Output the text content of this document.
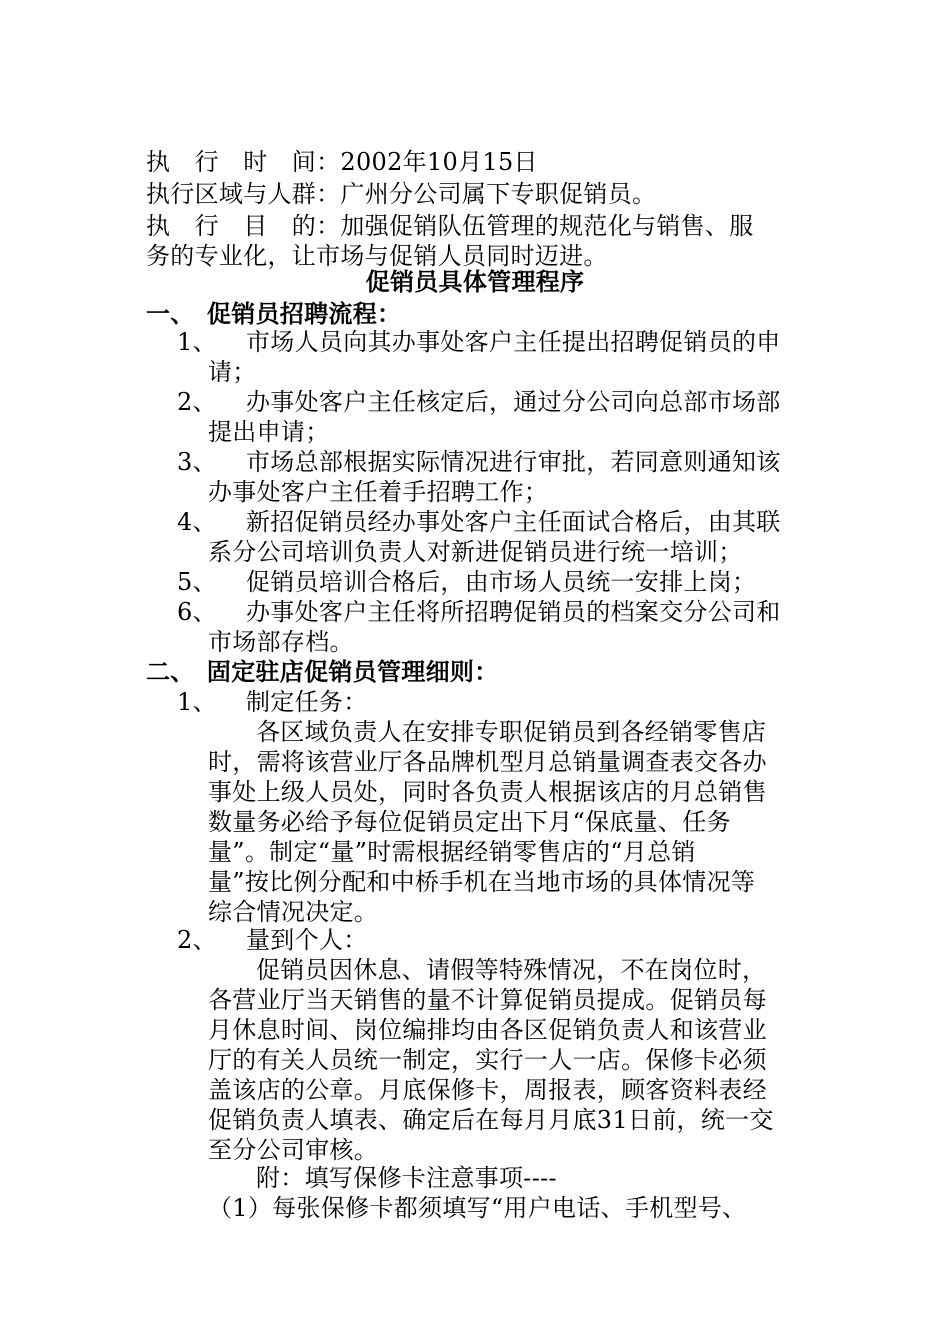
执　行　时　间：2002年10月15日
执行区域与人群：广州分公司属下专职促销员。
执　行　目　的：加强促销队伍管理的规范化与销售、服
务的专业化，让市场与促销人员同时迈进。
促销员具体管理程序
一、　促销员招聘流程：
1、 市场人员向其办事处客户主任提出招聘促销员的申
请；
2、 办事处客户主任核定后，通过分公司向总部市场部
提出申请；
3、 市场总部根据实际情况进行审批，若同意则通知该
办事处客户主任着手招聘工作；
4、 新招促销员经办事处客户主任面试合格后，由其联
系分公司培训负责人对新进促销员进行统一培训；
5、 促销员培训合格后，由市场人员统一安排上岗；
6、 办事处客户主任将所招聘促销员的档案交分公司和
市场部存档。
二、　固定驻店促销员管理细则：
1、 制定任务：
各区域负责人在安排专职促销员到各经销零售店
时，需将该营业厅各品牌机型月总销量调查表交各办
事处上级人员处，同时各负责人根据该店的月总销售
数量务必给予每位促销员定出下月“保底量、任务
量”。制定“量”时需根据经销零售店的“月总销
量”按比例分配和中桥手机在当地市场的具体情况等
综合情况决定。
2、 量到个人：
促销员因休息、请假等特殊情况，不在岗位时，
各营业厅当天销售的量不计算促销员提成。促销员每
月休息时间、岗位编排均由各区促销负责人和该营业
厅的有关人员统一制定，实行一人一店。保修卡必须
盖该店的公章。月底保修卡，周报表，顾客资料表经
促销负责人填表、确定后在每月月底31日前，统一交
至分公司审核。
附：填写保修卡注意事项----
（1）每张保修卡都须填写“用户电话、手机型号、
